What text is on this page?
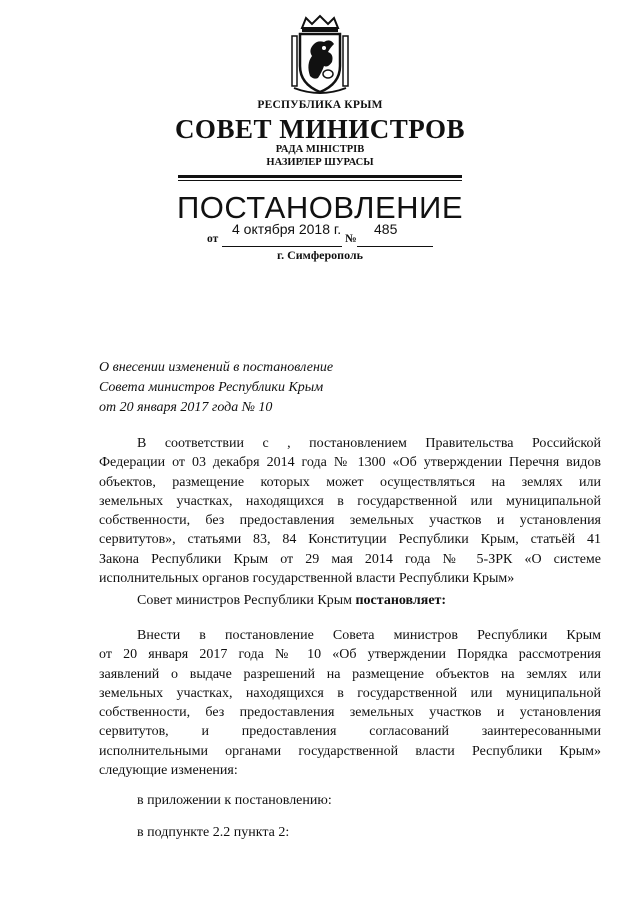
РЕСПУБЛИКА КРЫМ
СОВЕТ МИНИСТРОВ
РАДА МІНІСТРІВ
НАЗИРЛЕР ШУРАСЫ
ПОСТАНОВЛЕНИЕ
4 октября 2018 г. 485
от	№
г. Симферополь
О внесении изменений в постановление
Совета министров Республики Крым
от 20 января 2017 года № 10
В соответствии с , постановлением Правительства Российской
Федерации от 03 декабря 2014 года № 1300 «Об утверждении Перечня видов
объектов, размещение которых может осуществляться на землях или
земельных участках, находящихся в государственной или муниципальной
собственности, без предоставления земельных участков и установления
сервитутов», статьями 83, 84 Конституции Республики Крым, статьёй 41
Закона Республики Крым от 29 мая 2014 года № 5-ЗРК «О системе
исполнительных органов государственной власти Республики Крым»
Совет министров Республики Крым постановляет:
Внести в постановление Совета министров Республики Крым
от 20 января 2017 года № 10 «Об утверждении Порядка рассмотрения
заявлений о выдаче разрешений на размещение объектов на землях или
земельных участках, находящихся в государственной или муниципальной
собственности, без предоставления земельных участков и установления
сервитутов, и предоставления согласований заинтересованными
исполнительными органами государственной власти Республики Крым»
следующие изменения:
в приложении к постановлению:
в подпункте 2.2 пункта 2:
